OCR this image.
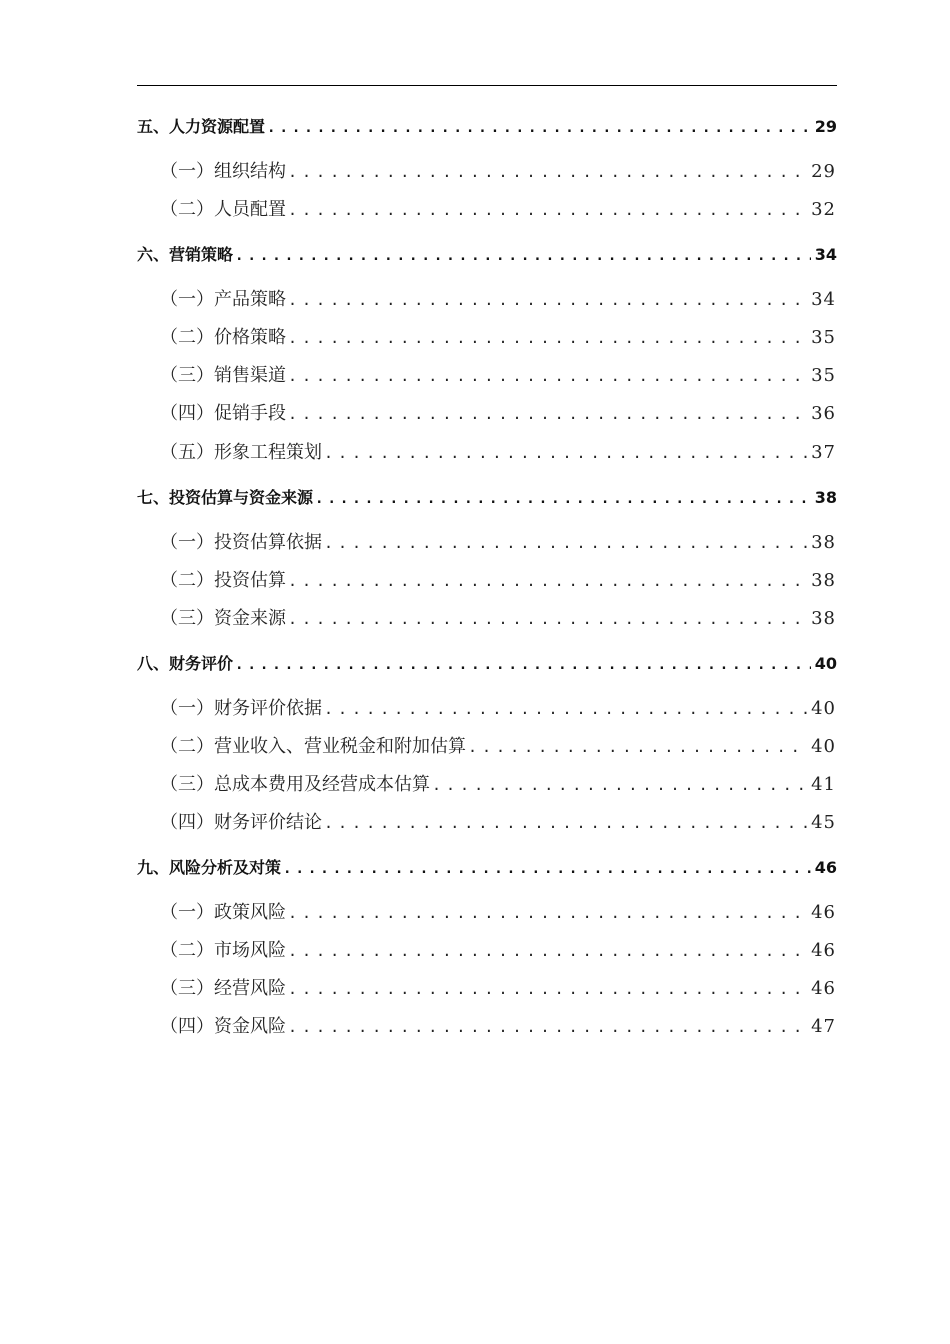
五、人力资源配置 .....	29
（一）组织结构 .....	29
（二）人员配置 .....	32
六、营销策略 .....	34
（一）产品策略 .....	34
（二）价格策略 .....	35
（三）销售渠道 .....	35
（四）促销手段 .....	36
（五）形象工程策划 .....	37
七、投资估算与资金来源 .....	38
（一）投资估算依据 .....	38
（二）投资估算 .....	38
（三）资金来源 .....	38
八、财务评价 .....	40
（一）财务评价依据 .....	40
（二）营业收入、营业税金和附加估算 .....	40
（三）总成本费用及经营成本估算 .....	41
（四）财务评价结论 .....	45
九、风险分析及对策 .....	46
（一）政策风险 .....	46
（二）市场风险 .....	46
（三）经营风险 .....	46
（四）资金风险 .....	47
